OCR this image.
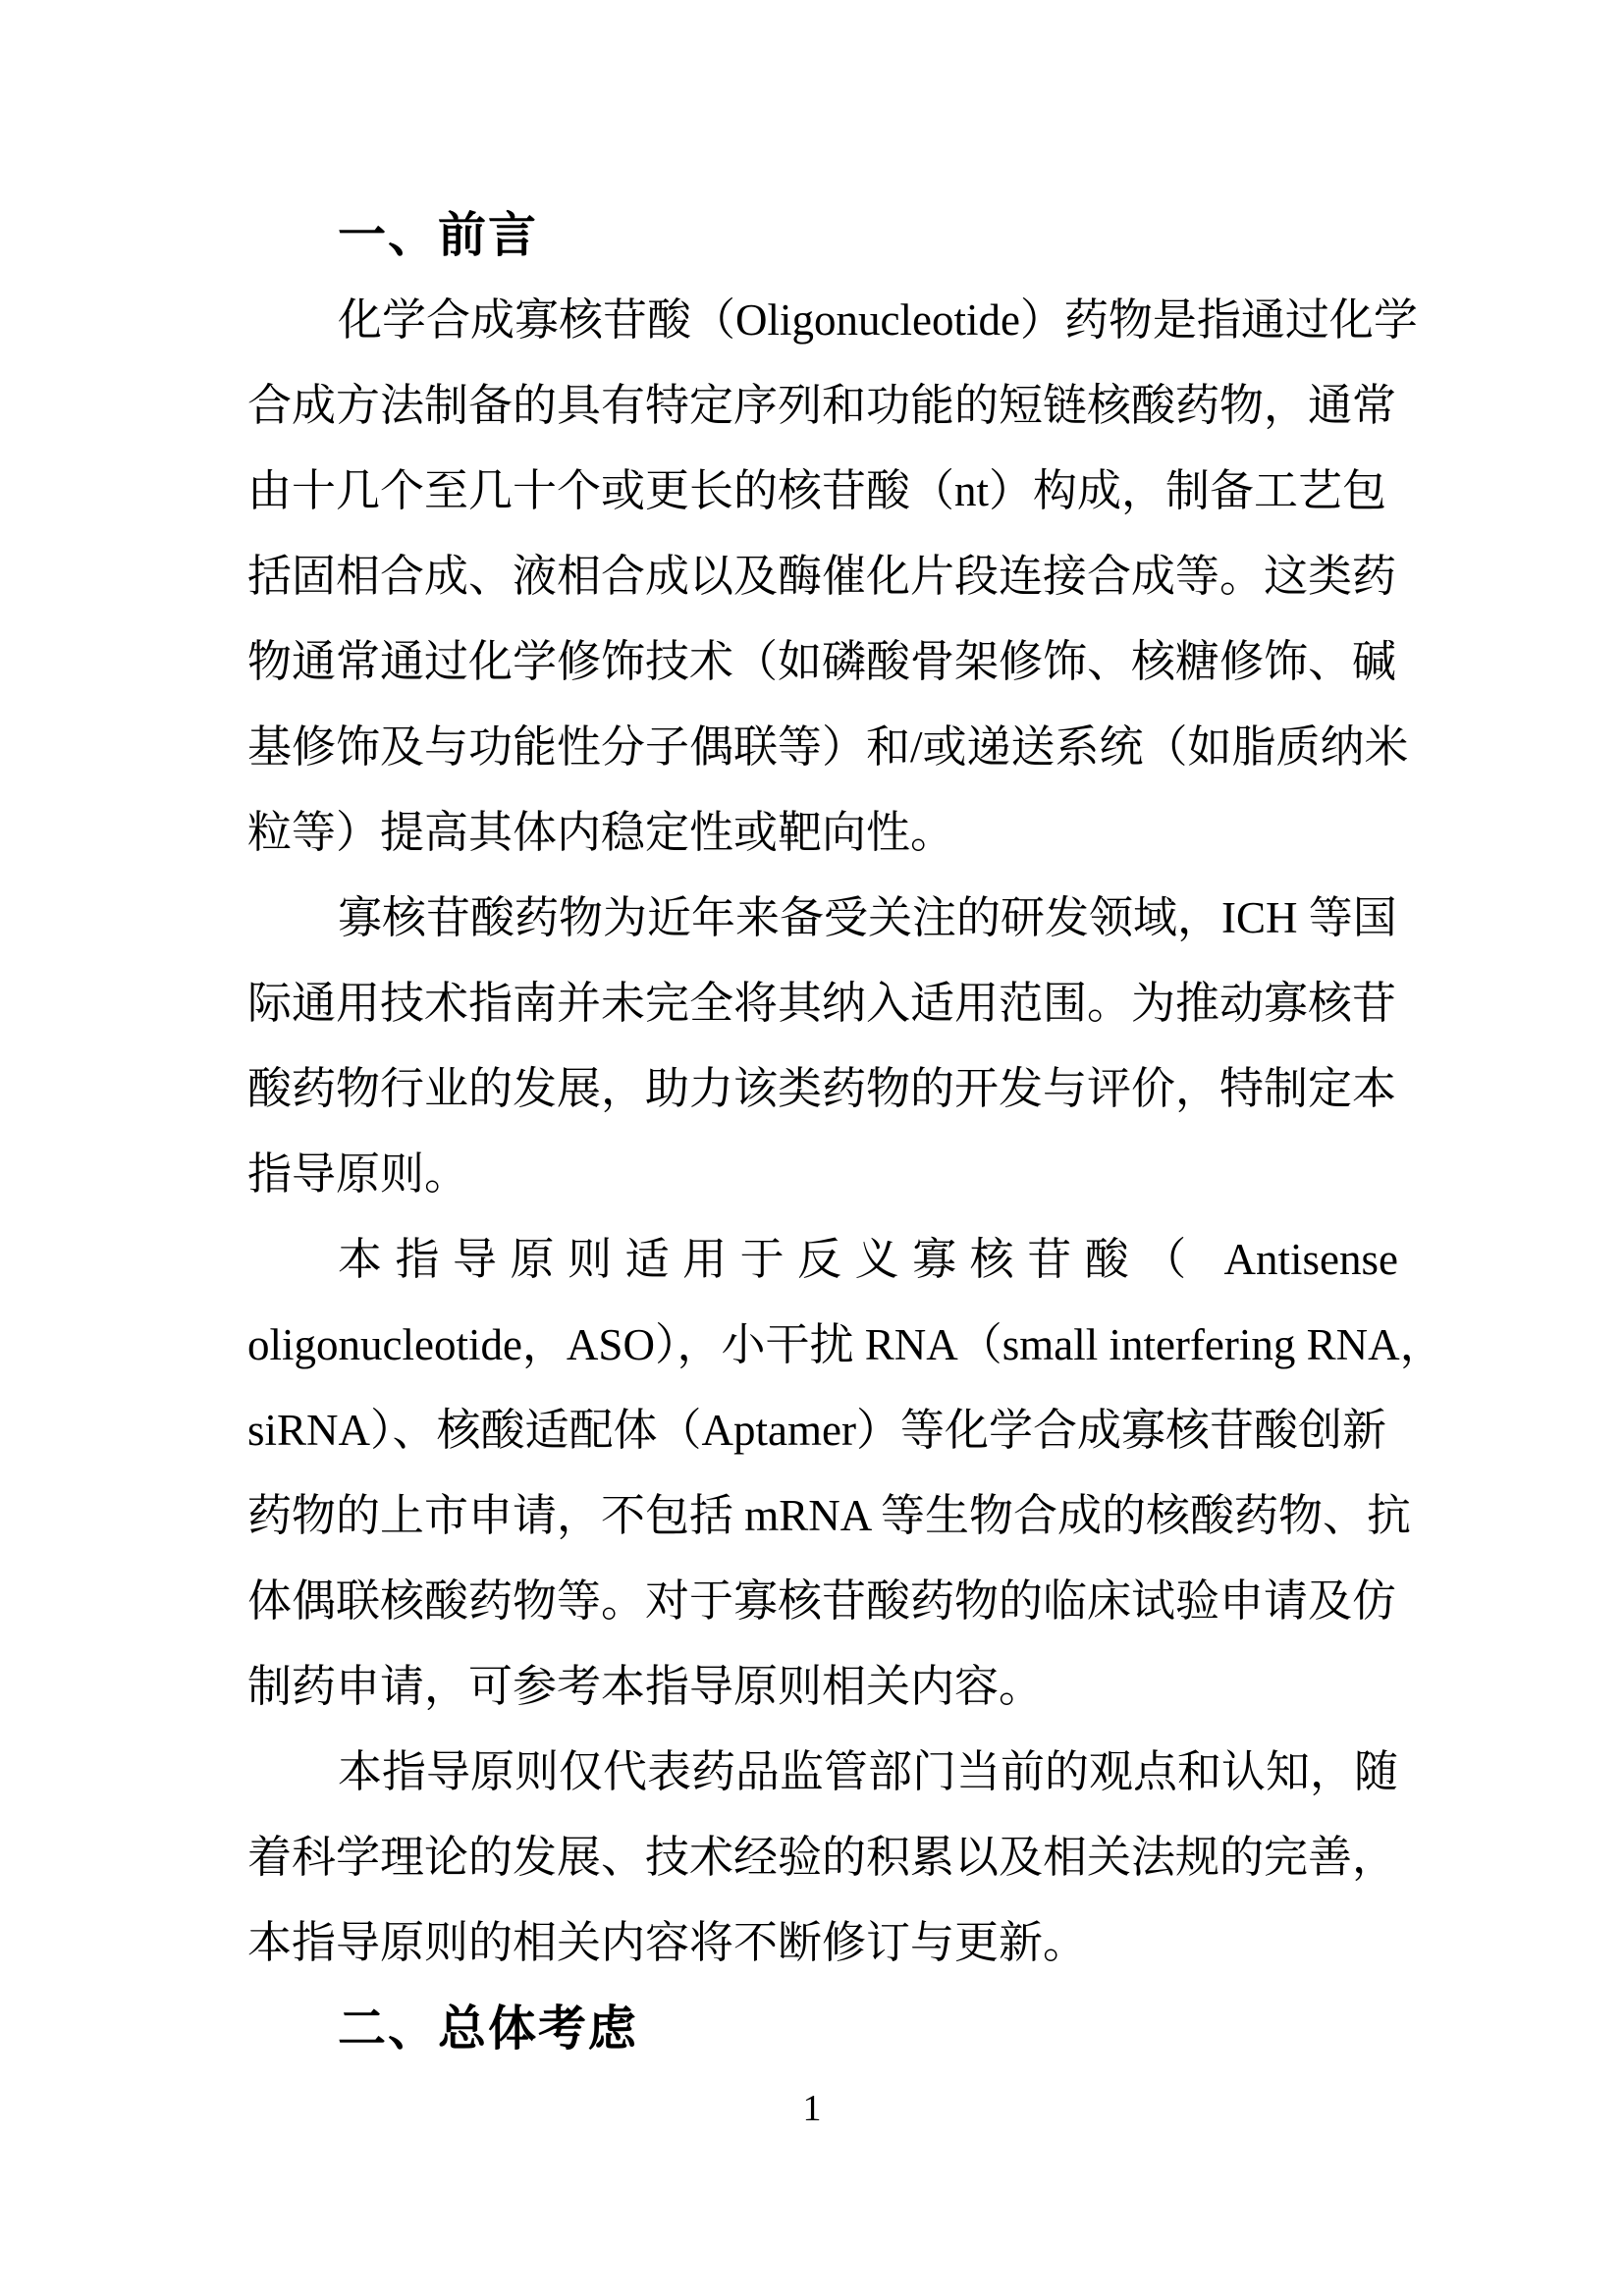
一、前言
化学合成寡核苷酸（Oligonucleotide）药物是指通过化学
合成方法制备的具有特定序列和功能的短链核酸药物，通常
由十几个至几十个或更长的核苷酸（nt）构成，制备工艺包
括固相合成、液相合成以及酶催化片段连接合成等。这类药
物通常通过化学修饰技术（如磷酸骨架修饰、核糖修饰、碱
基修饰及与功能性分子偶联等）和/或递送系统（如脂质纳米
粒等）提高其体内稳定性或靶向性。
寡核苷酸药物为近年来备受关注的研发领域，ICH 等国
际通用技术指南并未完全将其纳入适用范围。为推动寡核苷
酸药物行业的发展，助力该类药物的开发与评价，特制定本
指导原则。
本指导原则适用于反义寡核苷酸（ Antisense
oligonucleotide，ASO），小干扰 RNA（small interfering RNA，
siRNA）、核酸适配体（Aptamer）等化学合成寡核苷酸创新
药物的上市申请，不包括 mRNA 等生物合成的核酸药物、抗
体偶联核酸药物等。对于寡核苷酸药物的临床试验申请及仿
制药申请，可参考本指导原则相关内容。
本指导原则仅代表药品监管部门当前的观点和认知，随
着科学理论的发展、技术经验的积累以及相关法规的完善，
本指导原则的相关内容将不断修订与更新。
二、总体考虑
1
